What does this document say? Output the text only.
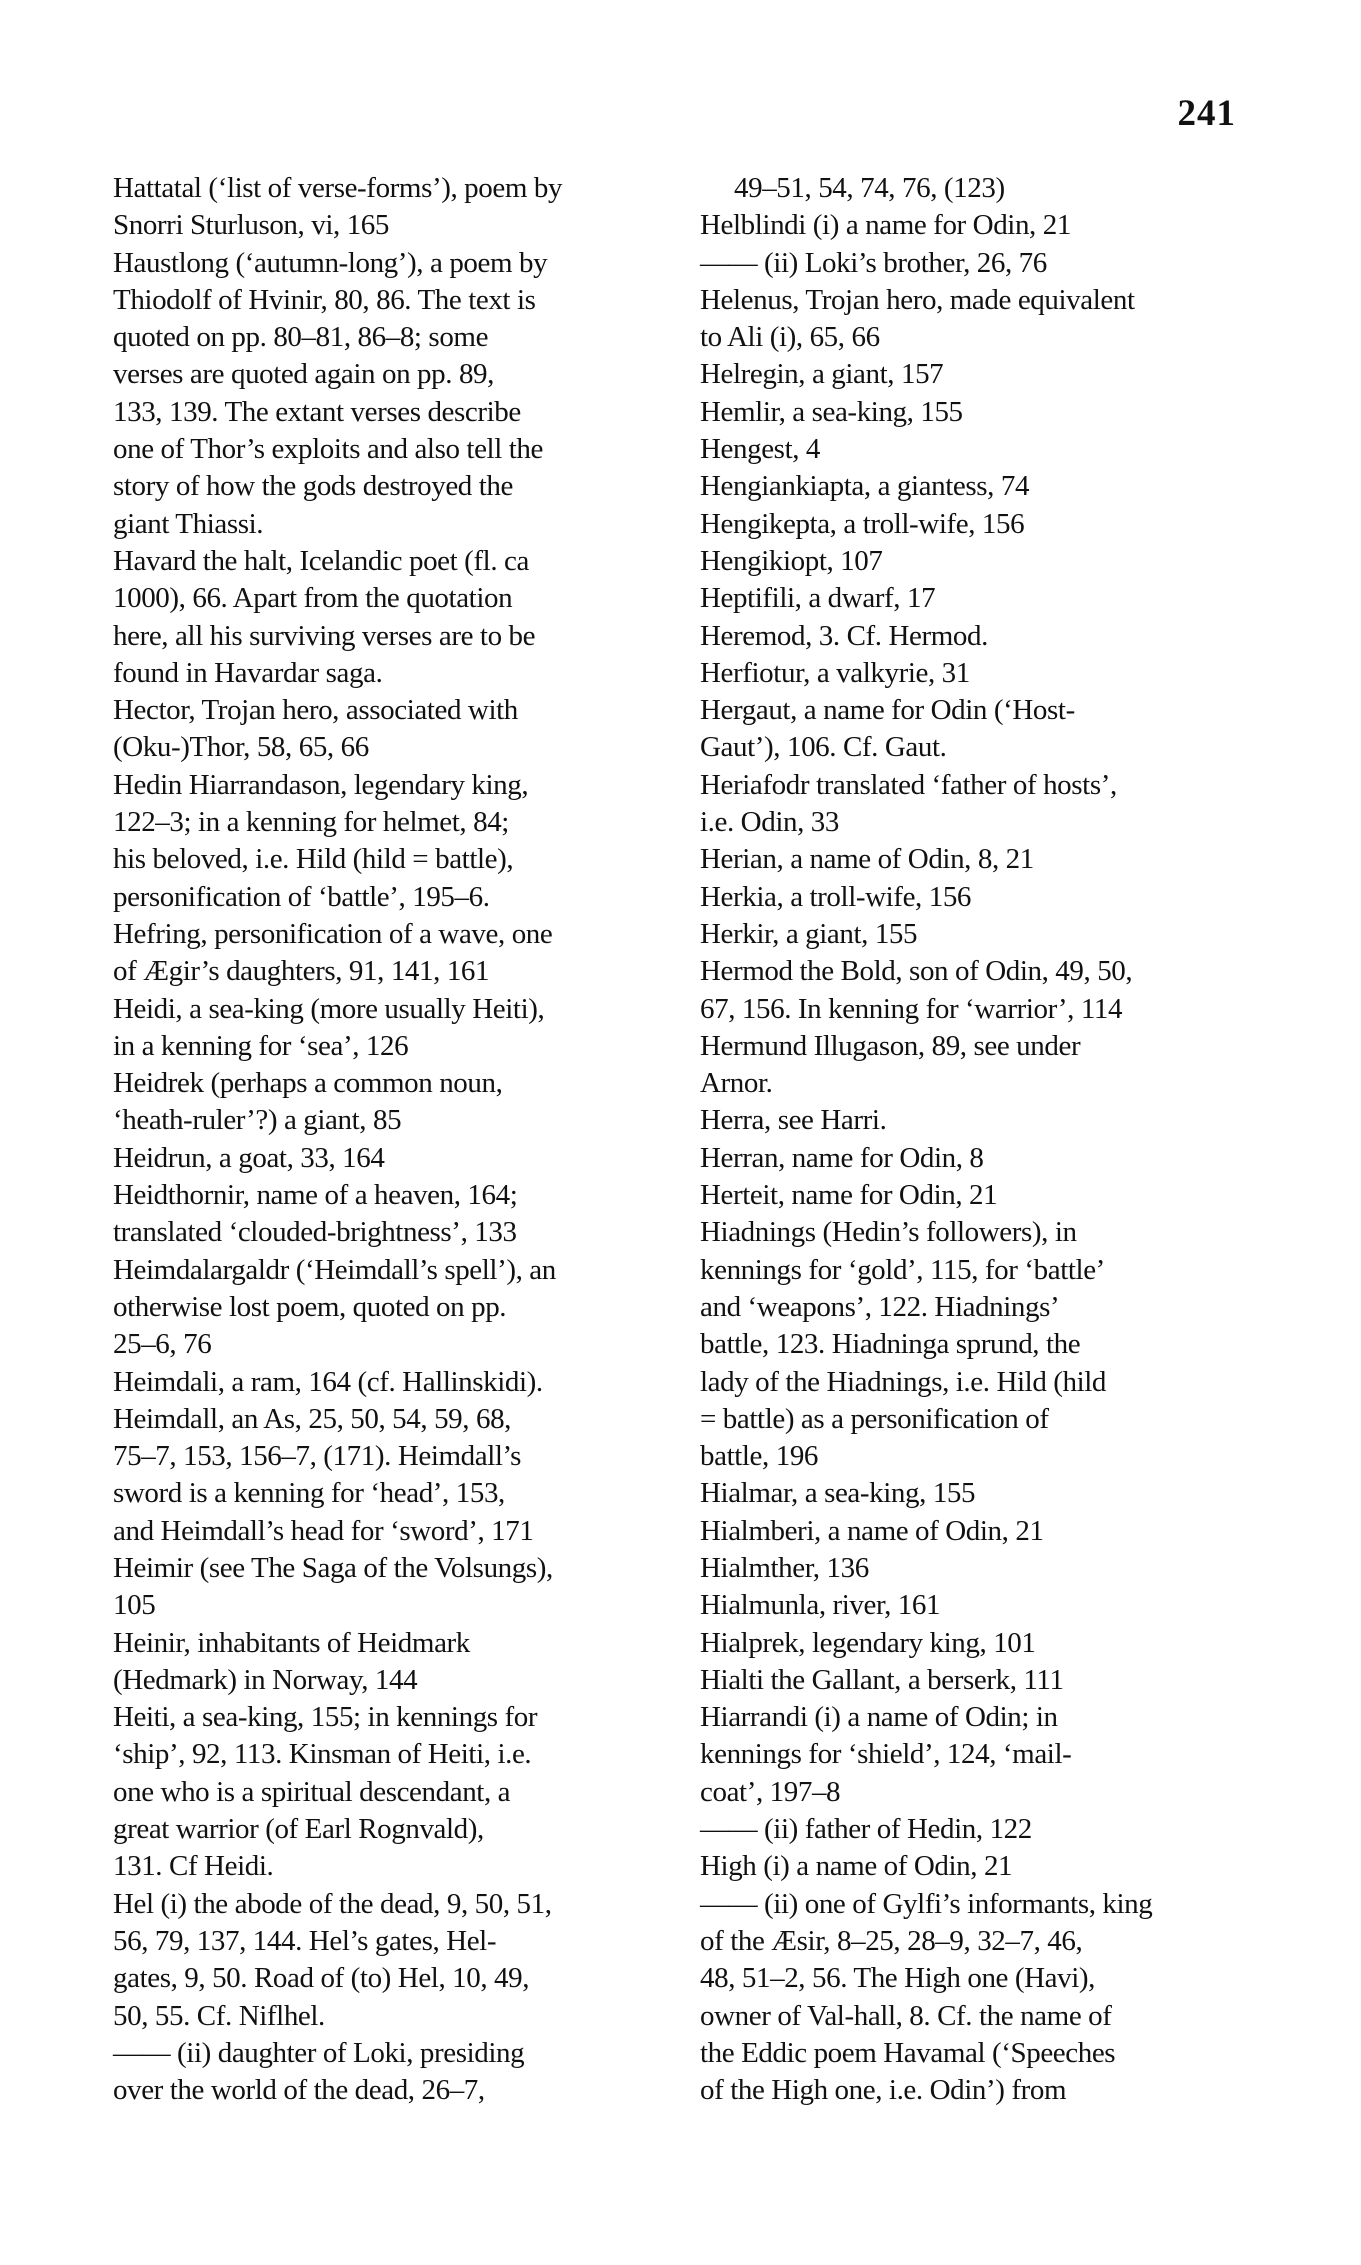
241
Hattatal (‘list of verse-forms’), poem by
Snorri Sturluson, vi, 165
Haustlong (‘autumn-long’), a poem by
Thiodolf of Hvinir, 80, 86. The text is
quoted on pp. 80–81, 86–8; some
verses are quoted again on pp. 89,
133, 139. The extant verses describe
one of Thor’s exploits and also tell the
story of how the gods destroyed the
giant Thiassi.
Havard the halt, Icelandic poet (fl. ca
1000), 66. Apart from the quotation
here, all his surviving verses are to be
found in Havardar saga.
Hector, Trojan hero, associated with
(Oku-)Thor, 58, 65, 66
Hedin Hiarrandason, legendary king,
122–3; in a kenning for helmet, 84;
his beloved, i.e. Hild (hild = battle),
personification of ‘battle’, 195–6.
Hefring, personification of a wave, one
of Ægir’s daughters, 91, 141, 161
Heidi, a sea-king (more usually Heiti),
in a kenning for ‘sea’, 126
Heidrek (perhaps a common noun,
‘heath-ruler’?) a giant, 85
Heidrun, a goat, 33, 164
Heidthornir, name of a heaven, 164;
translated ‘clouded-brightness’, 133
Heimdalargaldr (‘Heimdall’s spell’), an
otherwise lost poem, quoted on pp.
25–6, 76
Heimdali, a ram, 164 (cf. Hallinskidi).
Heimdall, an As, 25, 50, 54, 59, 68,
75–7, 153, 156–7, (171). Heimdall’s
sword is a kenning for ‘head’, 153,
and Heimdall’s head for ‘sword’, 171
Heimir (see The Saga of the Volsungs),
105
Heinir, inhabitants of Heidmark
(Hedmark) in Norway, 144
Heiti, a sea-king, 155; in kennings for
‘ship’, 92, 113. Kinsman of Heiti, i.e.
one who is a spiritual descendant, a
great warrior (of Earl Rognvald),
131. Cf Heidi.
Hel (i) the abode of the dead, 9, 50, 51,
56, 79, 137, 144. Hel’s gates, Hel-
gates, 9, 50. Road of (to) Hel, 10, 49,
50, 55. Cf. Niflhel.
—— (ii) daughter of Loki, presiding
over the world of the dead, 26–7,
49–51, 54, 74, 76, (123)
Helblindi (i) a name for Odin, 21
—— (ii) Loki’s brother, 26, 76
Helenus, Trojan hero, made equivalent
to Ali (i), 65, 66
Helregin, a giant, 157
Hemlir, a sea-king, 155
Hengest, 4
Hengiankiapta, a giantess, 74
Hengikepta, a troll-wife, 156
Hengikiopt, 107
Heptifili, a dwarf, 17
Heremod, 3. Cf. Hermod.
Herfiotur, a valkyrie, 31
Hergaut, a name for Odin (‘Host-
Gaut’), 106. Cf. Gaut.
Heriafodr translated ‘father of hosts’,
i.e. Odin, 33
Herian, a name of Odin, 8, 21
Herkia, a troll-wife, 156
Herkir, a giant, 155
Hermod the Bold, son of Odin, 49, 50,
67, 156. In kenning for ‘warrior’, 114
Hermund Illugason, 89, see under
Arnor.
Herra, see Harri.
Herran, name for Odin, 8
Herteit, name for Odin, 21
Hiadnings (Hedin’s followers), in
kennings for ‘gold’, 115, for ‘battle’
and ‘weapons’, 122. Hiadnings’
battle, 123. Hiadninga sprund, the
lady of the Hiadnings, i.e. Hild (hild
= battle) as a personification of
battle, 196
Hialmar, a sea-king, 155
Hialmberi, a name of Odin, 21
Hialmther, 136
Hialmunla, river, 161
Hialprek, legendary king, 101
Hialti the Gallant, a berserk, 111
Hiarrandi (i) a name of Odin; in
kennings for ‘shield’, 124, ‘mail-
coat’, 197–8
—— (ii) father of Hedin, 122
High (i) a name of Odin, 21
—— (ii) one of Gylfi’s informants, king
of the Æsir, 8–25, 28–9, 32–7, 46,
48, 51–2, 56. The High one (Havi),
owner of Val-hall, 8. Cf. the name of
the Eddic poem Havamal (‘Speeches
of the High one, i.e. Odin’) from
